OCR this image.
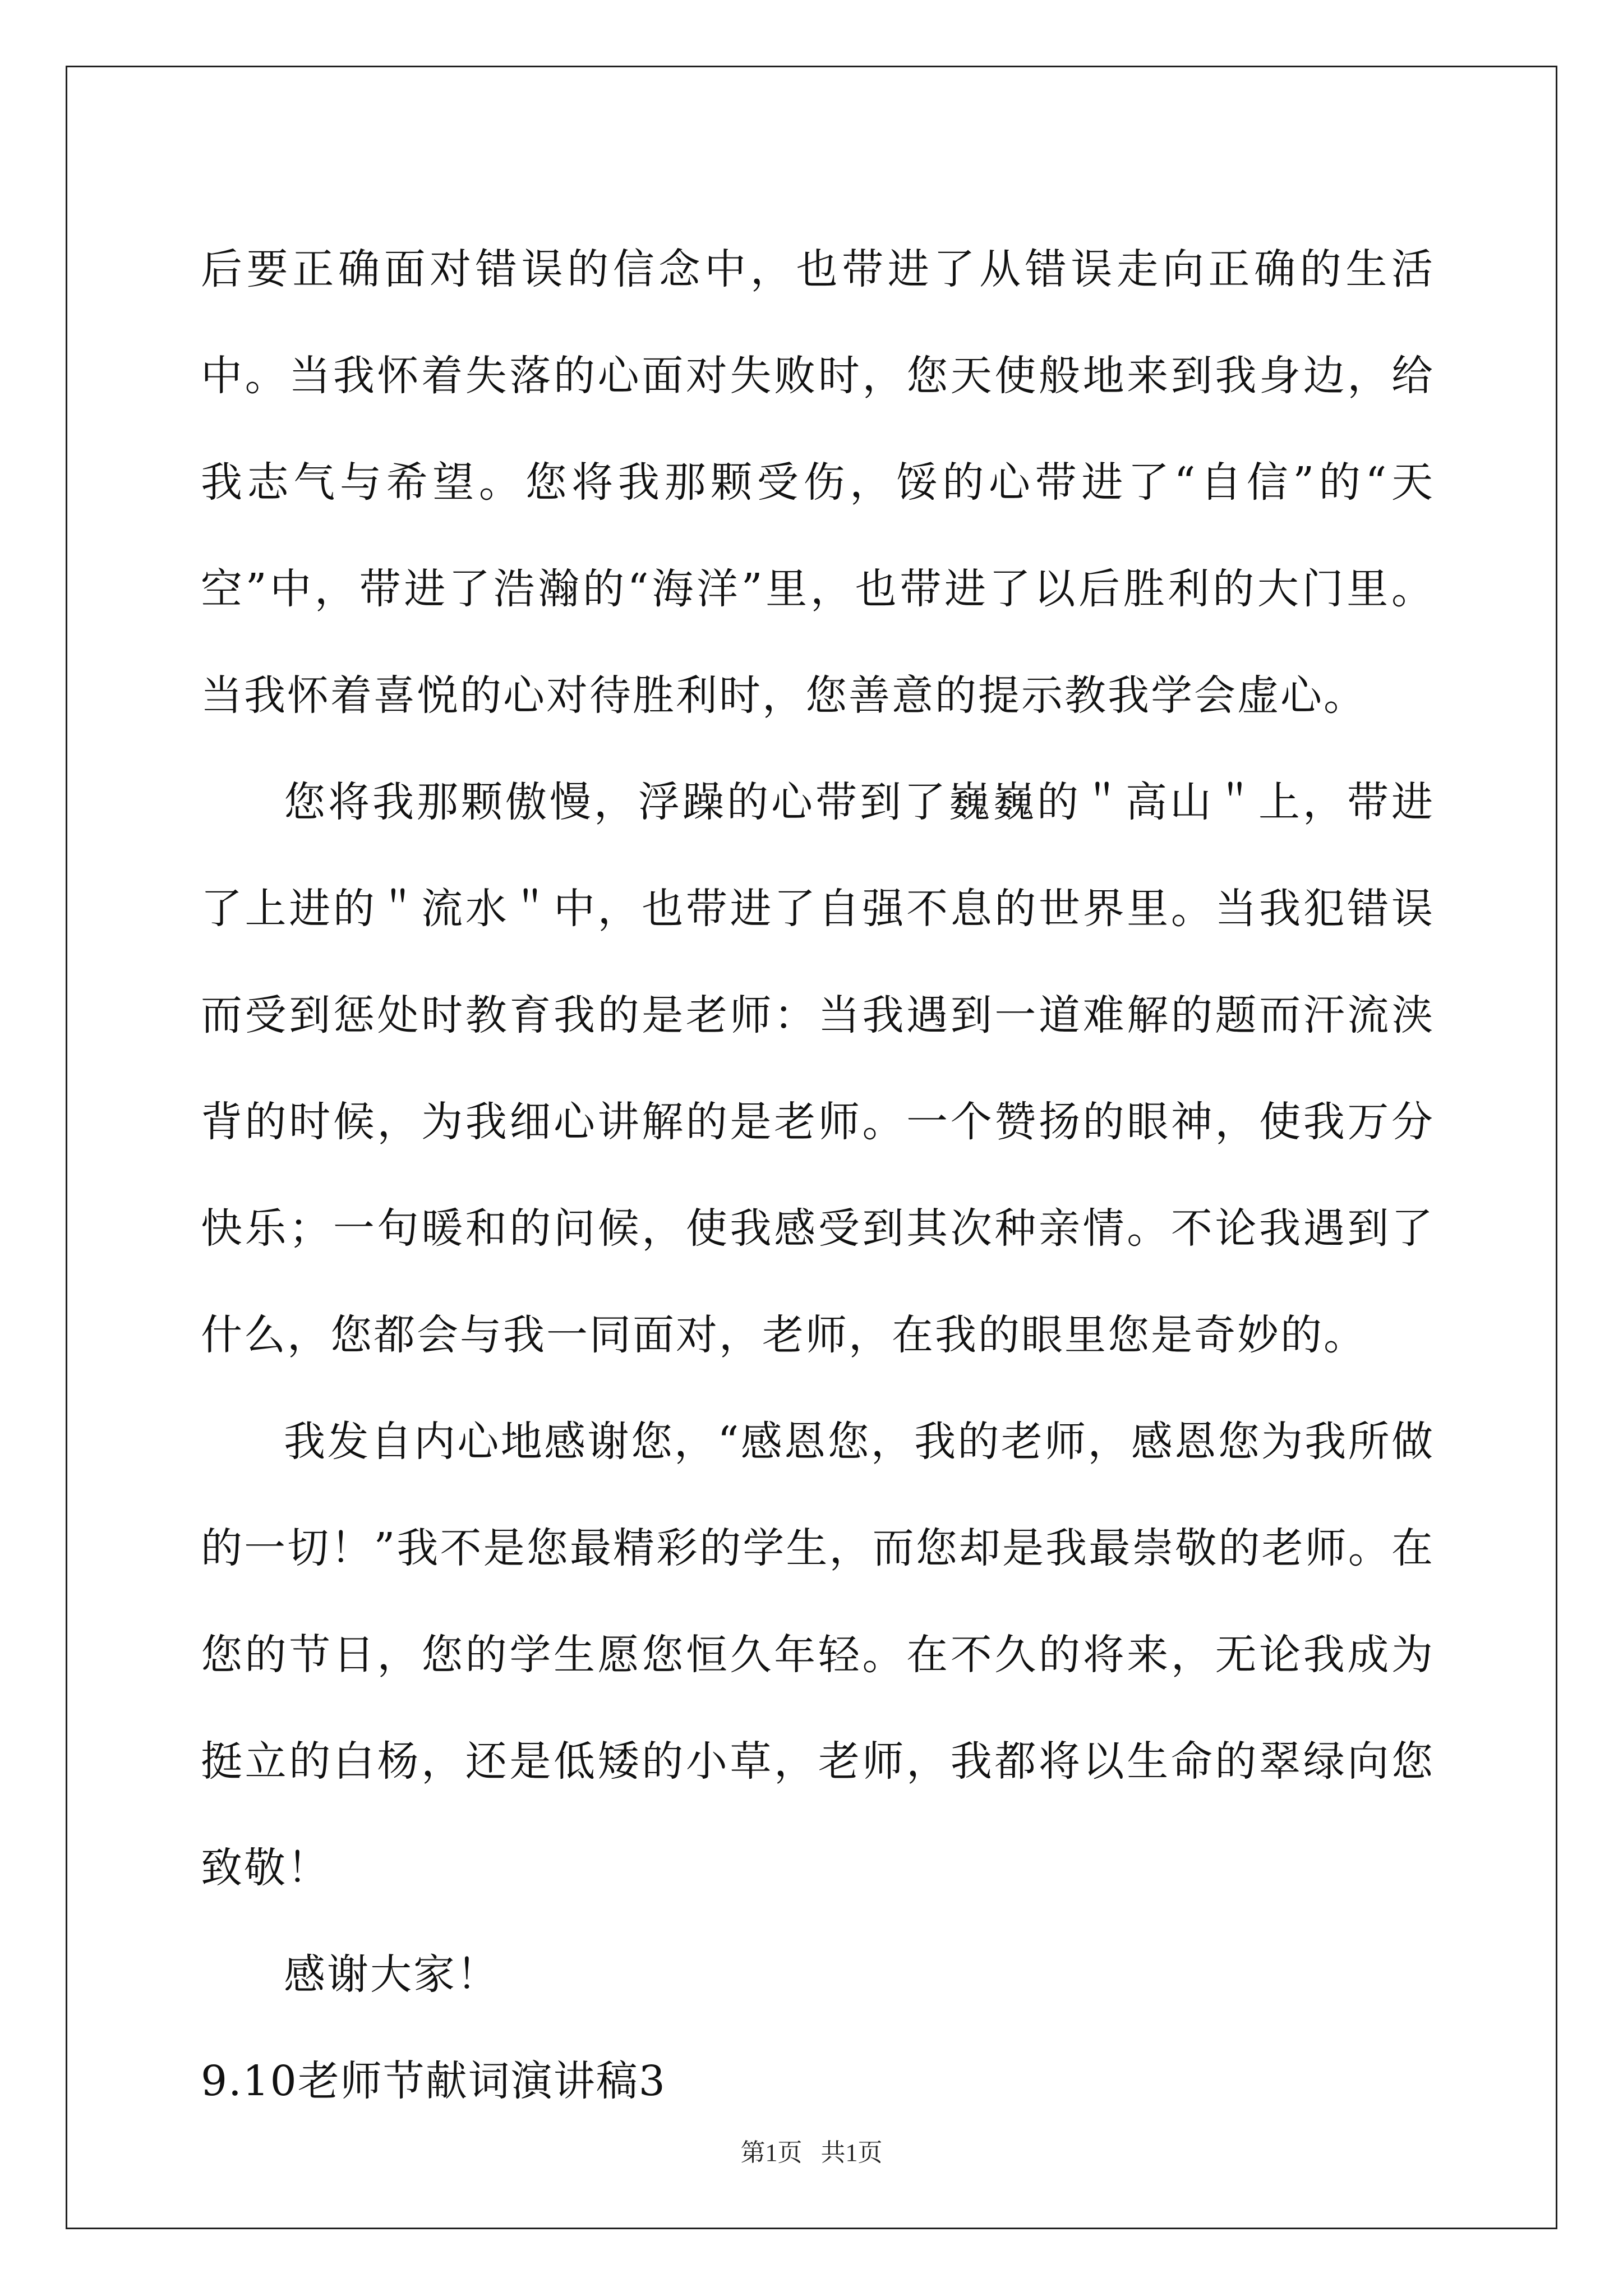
后要正确面对错误的信念中，也带进了从错误走向正确的生活中。当我怀着失落的心面对失败时，您天使般地来到我身边，给我志气与希望。您将我那颗受伤，馁的心带进了“自信”的“天空”中，带进了浩瀚的“海洋”里，也带进了以后胜利的大门里。当我怀着喜悦的心对待胜利时，您善意的提示教我学会虚心。

您将我那颗傲慢，浮躁的心带到了巍巍的＂高山＂上，带进了上进的＂流水＂中，也带进了自强不息的世界里。当我犯错误而受到惩处时教育我的是老师：当我遇到一道难解的题而汗流浃背的时候，为我细心讲解的是老师。一个赞扬的眼神，使我万分快乐；一句暖和的问候，使我感受到其次种亲情。不论我遇到了什么，您都会与我一同面对，老师，在我的眼里您是奇妙的。

我发自内心地感谢您，“感恩您，我的老师，感恩您为我所做的一切！”我不是您最精彩的学生，而您却是我最崇敬的老师。在您的节日，您的学生愿您恒久年轻。在不久的将来，无论我成为挺立的白杨，还是低矮的小草，老师，我都将以生命的翠绿向您致敬！

感谢大家！

9.10老师节献词演讲稿3

第1页   共1页
